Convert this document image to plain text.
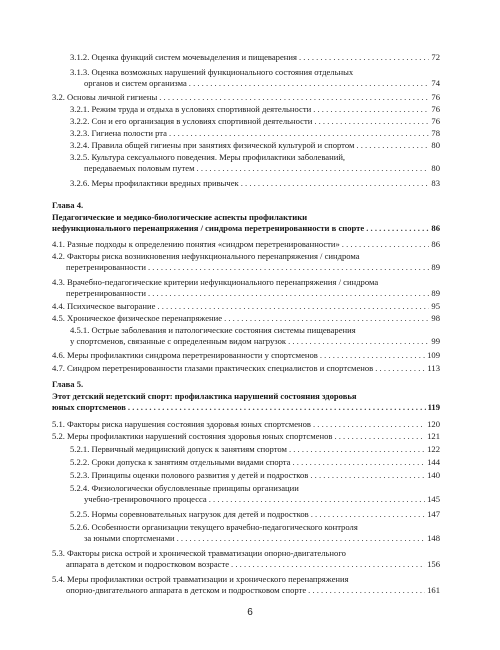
3.1.2. Оценка функций систем мочевыделения и пищеварения . . .	72
3.1.3. Оценка возможных нарушений функционального состояния отдельных
органов и систем организма . . .	74
3.2. Основы личной гигиены . . .	76
3.2.1. Режим труда и отдыха в условиях спортивной деятельности . . .	76
3.2.2. Сон и его организация в условиях спортивной деятельности . . .	76
3.2.3. Гигиена полости рта . . .	78
3.2.4. Правила общей гигиены при занятиях физической культурой и спортом . . .	80
3.2.5. Культура сексуального поведения. Меры профилактики заболеваний,
передаваемых половым путем . . .	80
3.2.6. Меры профилактики вредных привычек . . .	83
Глава 4.
Педагогические и медико-биологические аспекты профилактики
нефункционального перенапряжения / синдрома перетренированности в спорте . . .	86
4.1. Разные подходы к определению понятия «синдром перетренированности» . . .	86
4.2. Факторы риска возникновения нефункционального перенапряжения / синдрома
перетренированности . . .	89
4.3. Врачебно-педагогические критерии нефункционального перенапряжения / синдрома
перетренированности . . .	89
4.4. Психическое выгорание . . .	95
4.5. Хроническое физическое перенапряжение . . .	98
4.5.1. Острые заболевания и патологические состояния системы пищеварения
у спортсменов, связанные с определенным видом нагрузок . . .	99
4.6. Меры профилактики синдрома перетренированности у спортсменов . . .	109
4.7. Синдром перетренированности глазами практических специалистов и спортсменов . . .	113
Глава 5.
Этот детский недетский спорт: профилактика нарушений состояния здоровья
юных спортсменов . . .	119
5.1. Факторы риска нарушения состояния здоровья юных спортсменов . . .	120
5.2. Меры профилактики нарушений состояния здоровья юных спортсменов . . .	121
5.2.1. Первичный медицинский допуск к занятиям спортом . . .	122
5.2.2. Сроки допуска к занятиям отдельными видами спорта . . .	144
5.2.3. Принципы оценки полового развития у детей и подростков . . .	140
5.2.4. Физиологически обусловленные принципы организации
учебно-тренировочного процесса . . .	145
5.2.5. Нормы соревновательных нагрузок для детей и подростков . . .	147
5.2.6. Особенности организации текущего врачебно-педагогического контроля
за юными спортсменами . . .	148
5.3. Факторы риска острой и хронической травматизации опорно-двигательного
аппарата в детском и подростковом возрасте . . .	156
5.4. Меры профилактики острой травматизации и хронического перенапряжения
опорно-двигательного аппарата в детском и подростковом спорте . . .	161
6
